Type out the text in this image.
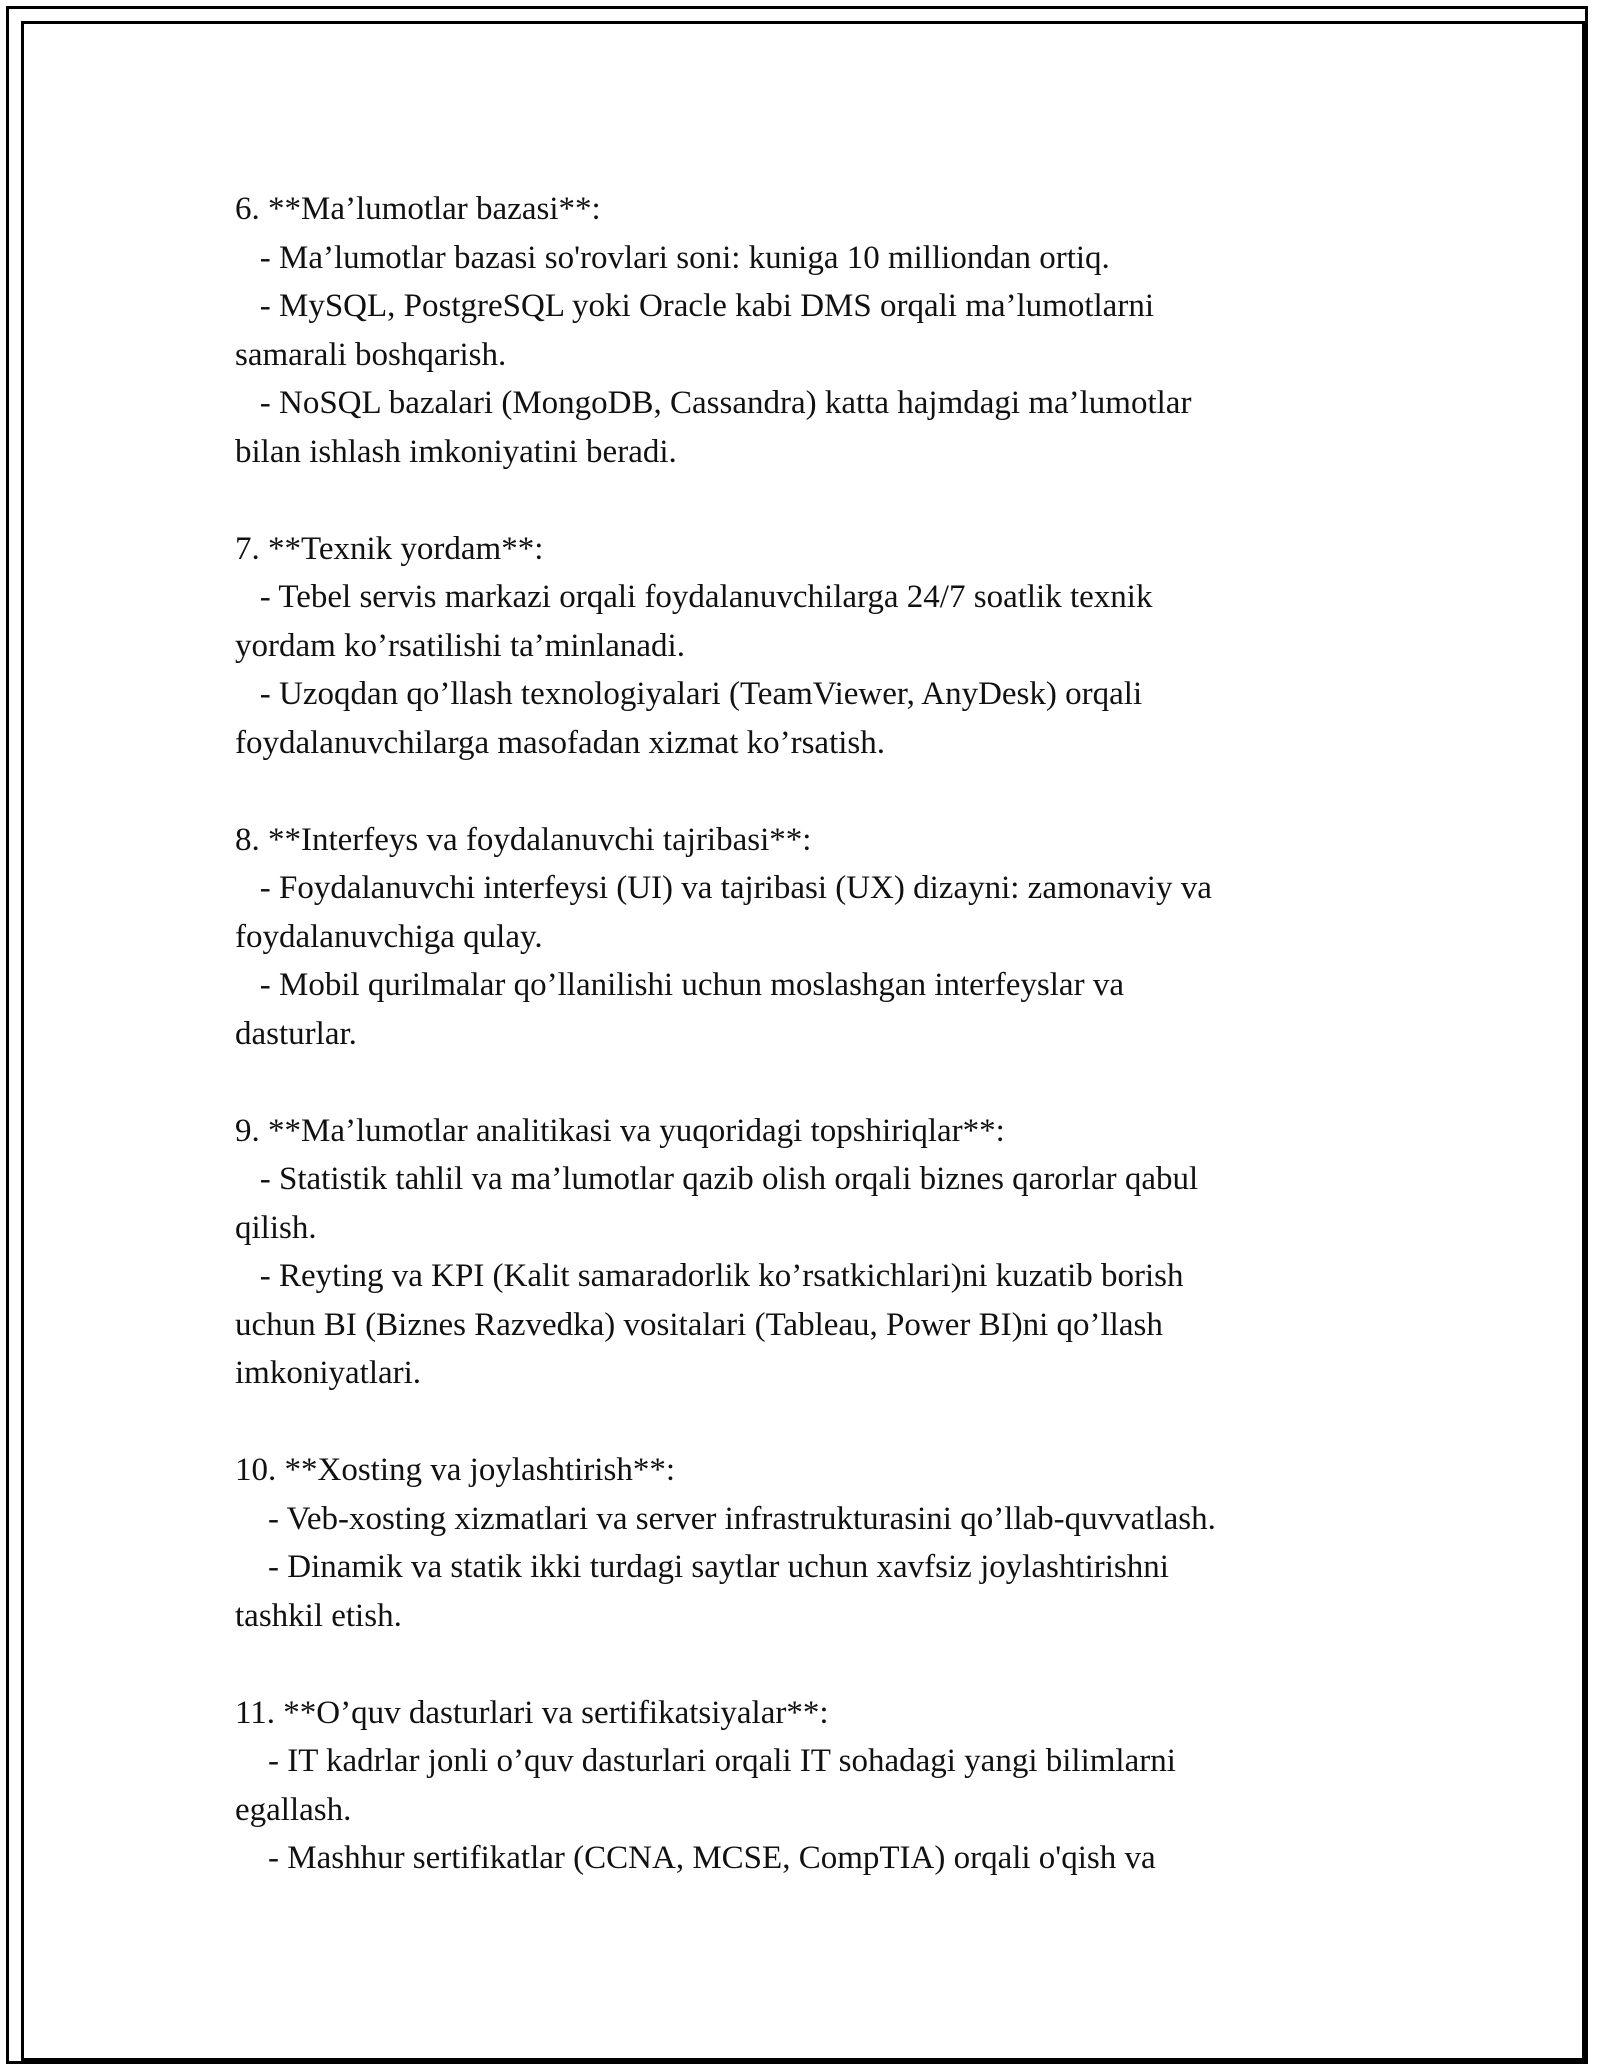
6. **Ma’lumotlar bazasi**:
- Ma’lumotlar bazasi so'rovlari soni: kuniga 10 milliondan ortiq.
- MySQL, PostgreSQL yoki Oracle kabi DMS orqali ma’lumotlarni
samarali boshqarish.
- NoSQL bazalari (MongoDB, Cassandra) katta hajmdagi ma’lumotlar
bilan ishlash imkoniyatini beradi.
7. **Texnik yordam**:
- Tebel servis markazi orqali foydalanuvchilarga 24/7 soatlik texnik
yordam ko’rsatilishi ta’minlanadi.
- Uzoqdan qo’llash texnologiyalari (TeamViewer, AnyDesk) orqali
foydalanuvchilarga masofadan xizmat ko’rsatish.
8. **Interfeys va foydalanuvchi tajribasi**:
- Foydalanuvchi interfeysi (UI) va tajribasi (UX) dizayni: zamonaviy va
foydalanuvchiga qulay.
- Mobil qurilmalar qo’llanilishi uchun moslashgan interfeyslar va
dasturlar.
9. **Ma’lumotlar analitikasi va yuqoridagi topshiriqlar**:
- Statistik tahlil va ma’lumotlar qazib olish orqali biznes qarorlar qabul
qilish.
- Reyting va KPI (Kalit samaradorlik ko’rsatkichlari)ni kuzatib borish
uchun BI (Biznes Razvedka) vositalari (Tableau, Power BI)ni qo’llash
imkoniyatlari.
10. **Xosting va joylashtirish**:
- Veb-xosting xizmatlari va server infrastrukturasini qo’llab-quvvatlash.
- Dinamik va statik ikki turdagi saytlar uchun xavfsiz joylashtirishni
tashkil etish.
11. **O’quv dasturlari va sertifikatsiyalar**:
- IT kadrlar jonli o’quv dasturlari orqali IT sohadagi yangi bilimlarni
egallash.
- Mashhur sertifikatlar (CCNA, MCSE, CompTIA) orqali o'qish va
